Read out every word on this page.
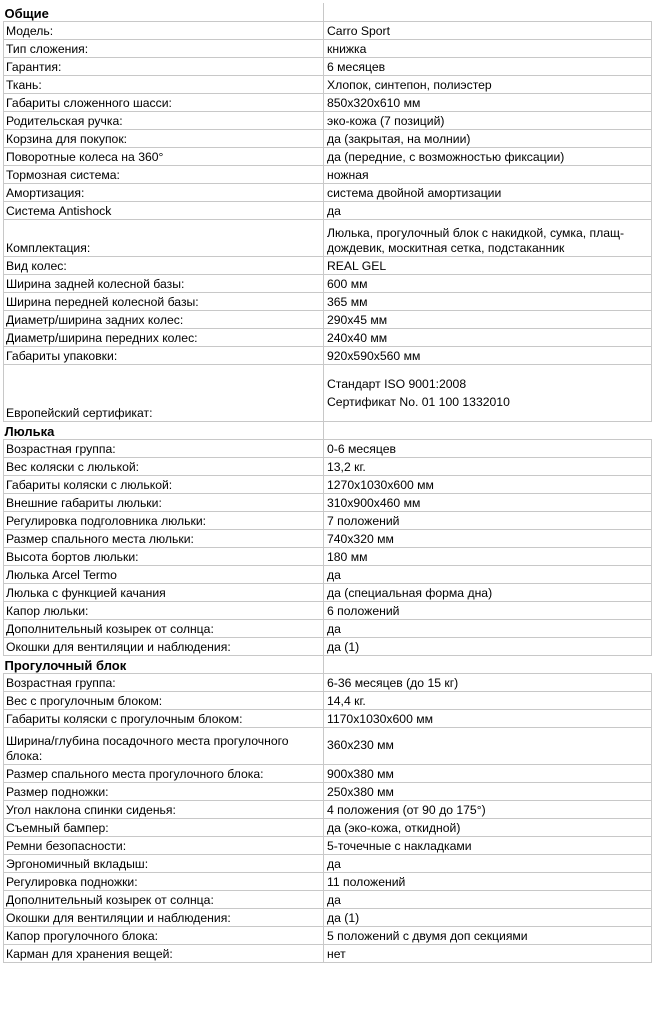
Общие	
Модель:	Carro Sport
Тип сложения:	книжка
Гарантия:	6 месяцев
Ткань:	Хлопок, синтепон, полиэстер
Габариты сложенного шасси:	850x320x610 мм
Родительская ручка:	эко-кожа (7 позиций)
Корзина для покупок:	да (закрытая, на молнии)
Поворотные колеса на 360°	да (передние, с возможностью фиксации)
Тормозная система:	ножная
Амортизация:	система двойной амортизации
Система Antishock	да
Комплектация:	Люлька, прогулочный блок с накидкой, сумка, плащ-дождевик, москитная сетка, подстаканник
Вид колес:	REAL GEL
Ширина задней колесной базы:	600 мм
Ширина передней колесной базы:	365 мм
Диаметр/ширина задних колес:	290x45 мм
Диаметр/ширина передних колес:	240x40 мм
Габариты упаковки:	920x590x560 мм
Европейский сертификат:	Стандарт ISO 9001:2008
Сертификат No. 01 100 1332010

Люлька	
Возрастная группа:	0-6 месяцев
Вес коляски с люлькой:	13,2 кг.
Габариты коляски с люлькой:	1270x1030x600 мм
Внешние габариты люльки:	310x900x460 мм
Регулировка подголовника люльки:	7 положений
Размер спального места люльки:	740x320 мм
Высота бортов люльки:	180 мм
Люлька Arcel Termo	да
Люлька с функцией качания	да (специальная форма дна)
Капор люльки:	6 положений
Дополнительный козырек от солнца:	да
Окошки для вентиляции и наблюдения:	да (1)
Прогулочный блок	
Возрастная группа:	6-36 месяцев (до 15 кг)
Вес с прогулочным блоком:	14,4 кг.
Габариты коляски с прогулочным блоком:	1170x1030x600 мм
Ширина/глубина посадочного места прогулочного блока:	360x230 мм
Размер спального места прогулочного блока:	900x380 мм
Размер подножки:	250x380 мм
Угол наклона спинки сиденья:	4 положения (от 90 до 175°)
Съемный бампер:	да (эко-кожа, откидной)
Ремни безопасности:	5-точечные с накладками
Эргономичный вкладыш:	да
Регулировка подножки:	11 положений
Дополнительный козырек от солнца:	да
Окошки для вентиляции и наблюдения:	да (1)
Капор прогулочного блока:	5 положений с двумя доп секциями
Карман для хранения вещей:	нет
